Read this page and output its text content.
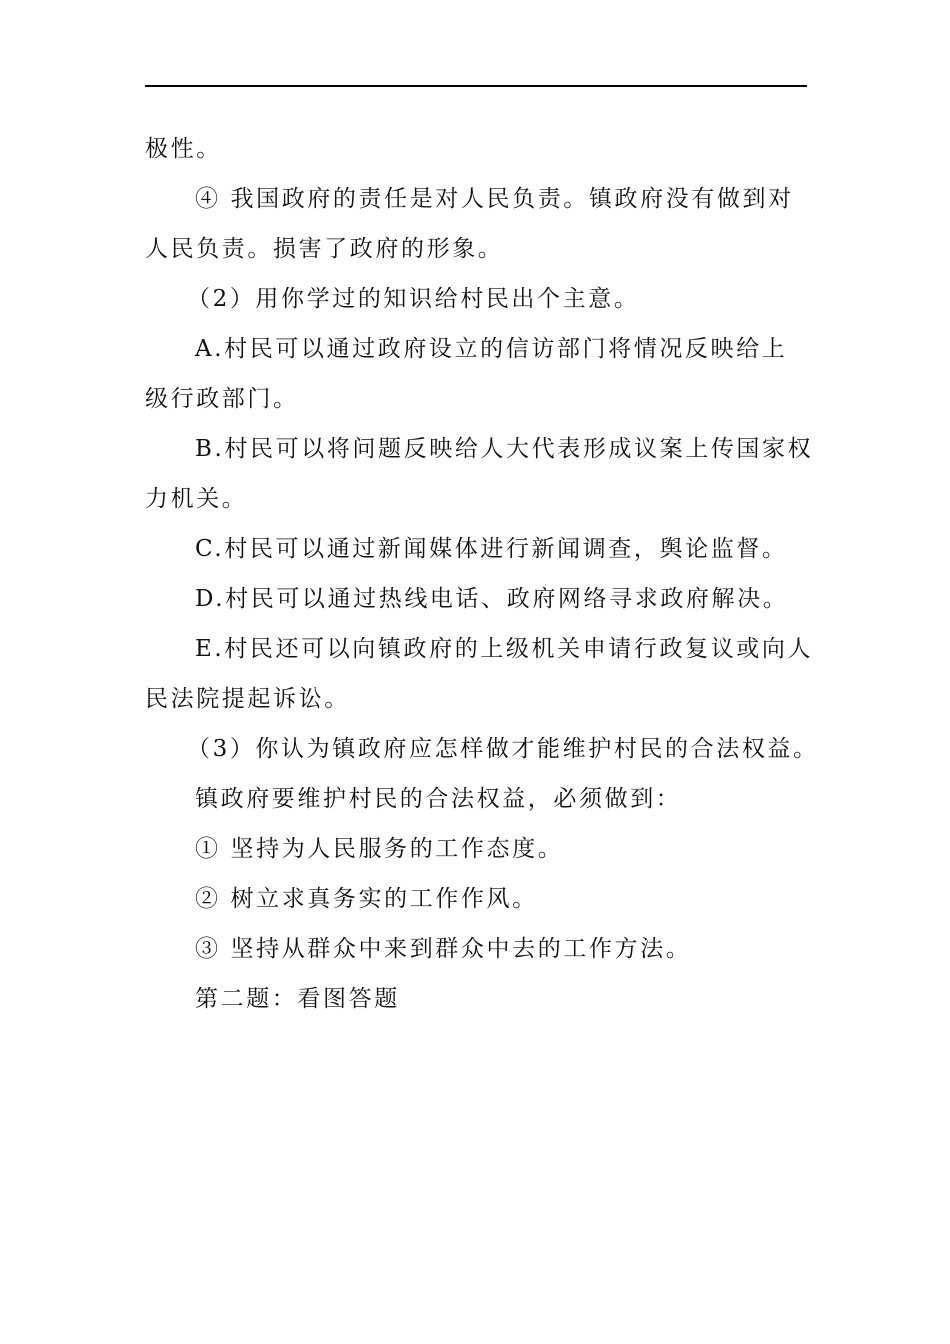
极性。

④ 我国政府的责任是对人民负责。镇政府没有做到对

人民负责。损害了政府的形象。

（2）用你学过的知识给村民出个主意。

A.村民可以通过政府设立的信访部门将情况反映给上

级行政部门。

B.村民可以将问题反映给人大代表形成议案上传国家权

力机关。

C.村民可以通过新闻媒体进行新闻调查，舆论监督。

D.村民可以通过热线电话、政府网络寻求政府解决。

E.村民还可以向镇政府的上级机关申请行政复议或向人

民法院提起诉讼。

（3）你认为镇政府应怎样做才能维护村民的合法权益。

镇政府要维护村民的合法权益，必须做到：

① 坚持为人民服务的工作态度。

② 树立求真务实的工作作风。

③ 坚持从群众中来到群众中去的工作方法。

第二题：看图答题
